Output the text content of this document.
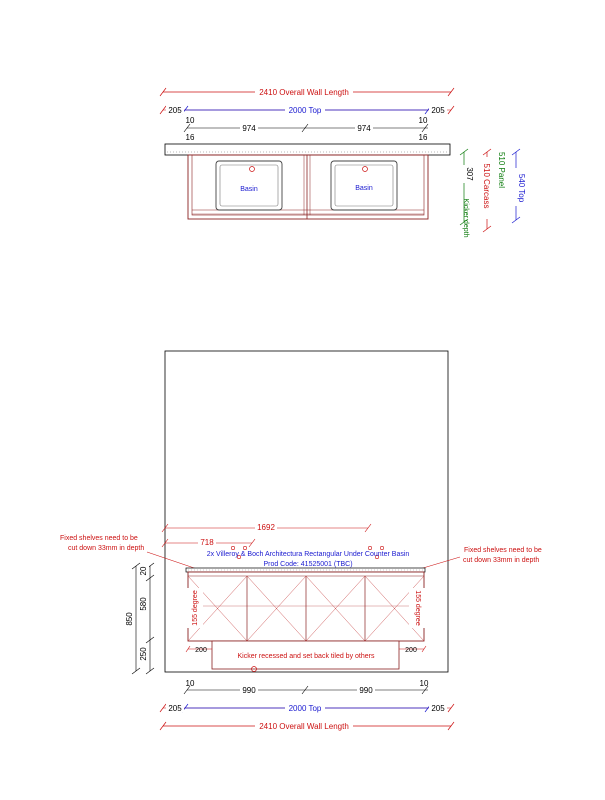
2410 Overall Wall Length
205	2000 Top	205
10
16
974	974
10
16
Basin	Basin	540 Top
510 Panel
510 Carcass
307
Kicker depth
1692
718
Fixed shelves need to be
cut down 33mm in depth	Fixed shelves need to be
cut down 33mm in depth
2x Villeroy & Boch Architectura Rectangular Under Counter Basin
Prod Code: 41525001 (TBC)
155 degree	155 degree
200	200
Kicker recessed and set back tiled by others
850
20
580
250
10
990	990
10
205	2000 Top	205
2410 Overall Wall Length
